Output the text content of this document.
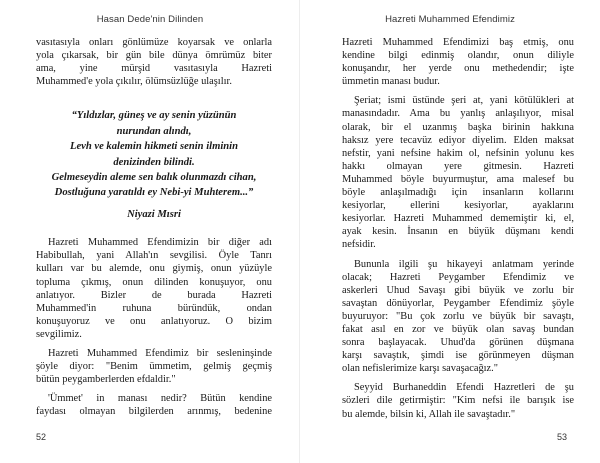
Hasan Dede'nin Dilinden
vasıtasıyla onları gönlümüze koyarsak ve onlarla
yola çıkarsak, bir gün bile dünya ömrümüz biter
ama, yine mürşid vasıtasıyla Hazreti
Muhammed'e yola çıkılır, ölümsüzlüğe ulaşılır.
“Yıldızlar, güneş ve ay senin yüzünün
nurundan alındı,
Levh ve kalemin hikmeti senin ilminin
denizinden bilindi.
Gelmeseydin aleme sen balık olunmazdı cihan,
Dostluğuna yaratıldı ey Nebi-yi Muhterem...”
Niyazi Mısri
Hazreti Muhammed Efendimizin bir diğer adı
Habibullah, yani Allah'ın sevgilisi. Öyle Tanrı
kulları var bu alemde, onu giymiş, onun yüzüyle
topluma çıkmış, onun dilinden konuşuyor, onu
anlatıyor. Bizler de burada Hazreti
Muhammed'in ruhuna büründük, ondan
konuşuyoruz ve onu anlatıyoruz. O bizim
sevgilimiz.
Hazreti Muhammed Efendimiz bir sesleninşinde
şöyle diyor: "Benim ümmetim, gelmiş geçmiş
bütün peygamberlerden efdaldir."
'Ümmet' in manası nedir? Bütün kendine
faydası olmayan bilgilerden arınmış, bedenine
52
Hazreti Muhammed Efendimiz
Hazreti Muhammed Efendimizi baş etmiş, onu
kendine bilgi edinmiş olandır, onun diliyle
konuşandır, her yerde onu methedendir; işte
ümmetin manası budur.
Şeriat; ismi üstünde şeri at, yani kötülükleri at
manasındadır. Ama bu yanlış anlaşılıyor, misal
olarak, bir el uzanmış başka birinin hakkına
haksız yere tecavüz ediyor diyelim. Elden maksat
nefstir, yani nefsine hakim ol, nefsinin yolunu kes
hakkı olmayan yere gitmesin. Hazreti
Muhammed böyle buyurmuştur, ama malesef bu
böyle anlaşılmadığı için insanların kollarını
kesiyorlar, ellerini kesiyorlar, ayaklarını
kesiyorlar. Hazreti Muhammed dememiştir ki, el,
ayak kesin. İnsanın en büyük düşmanı kendi
nefsidir.
Bununla ilgili şu hikayeyi anlatmam yerinde
olacak; Hazreti Peygamber Efendimiz ve
askerleri Uhud Savaşı gibi büyük ve zorlu bir
savaştan dönüyorlar, Peygamber Efendimiz şöyle
buyuruyor: "Bu çok zorlu ve büyük bir savaştı,
fakat asıl en zor ve büyük olan savaş bundan
sonra başlayacak. Uhud'da görünen düşmana
karşı savaştık, şimdi ise görünmeyen düşman
olan nefislerimize karşı savaşacağız."
Seyyid Burhaneddin Efendi Hazretleri de şu
sözleri dile getirmiştir: "Kim nefsi ile barışık ise
bu alemde, bilsin ki, Allah ile savaştadır."
53
